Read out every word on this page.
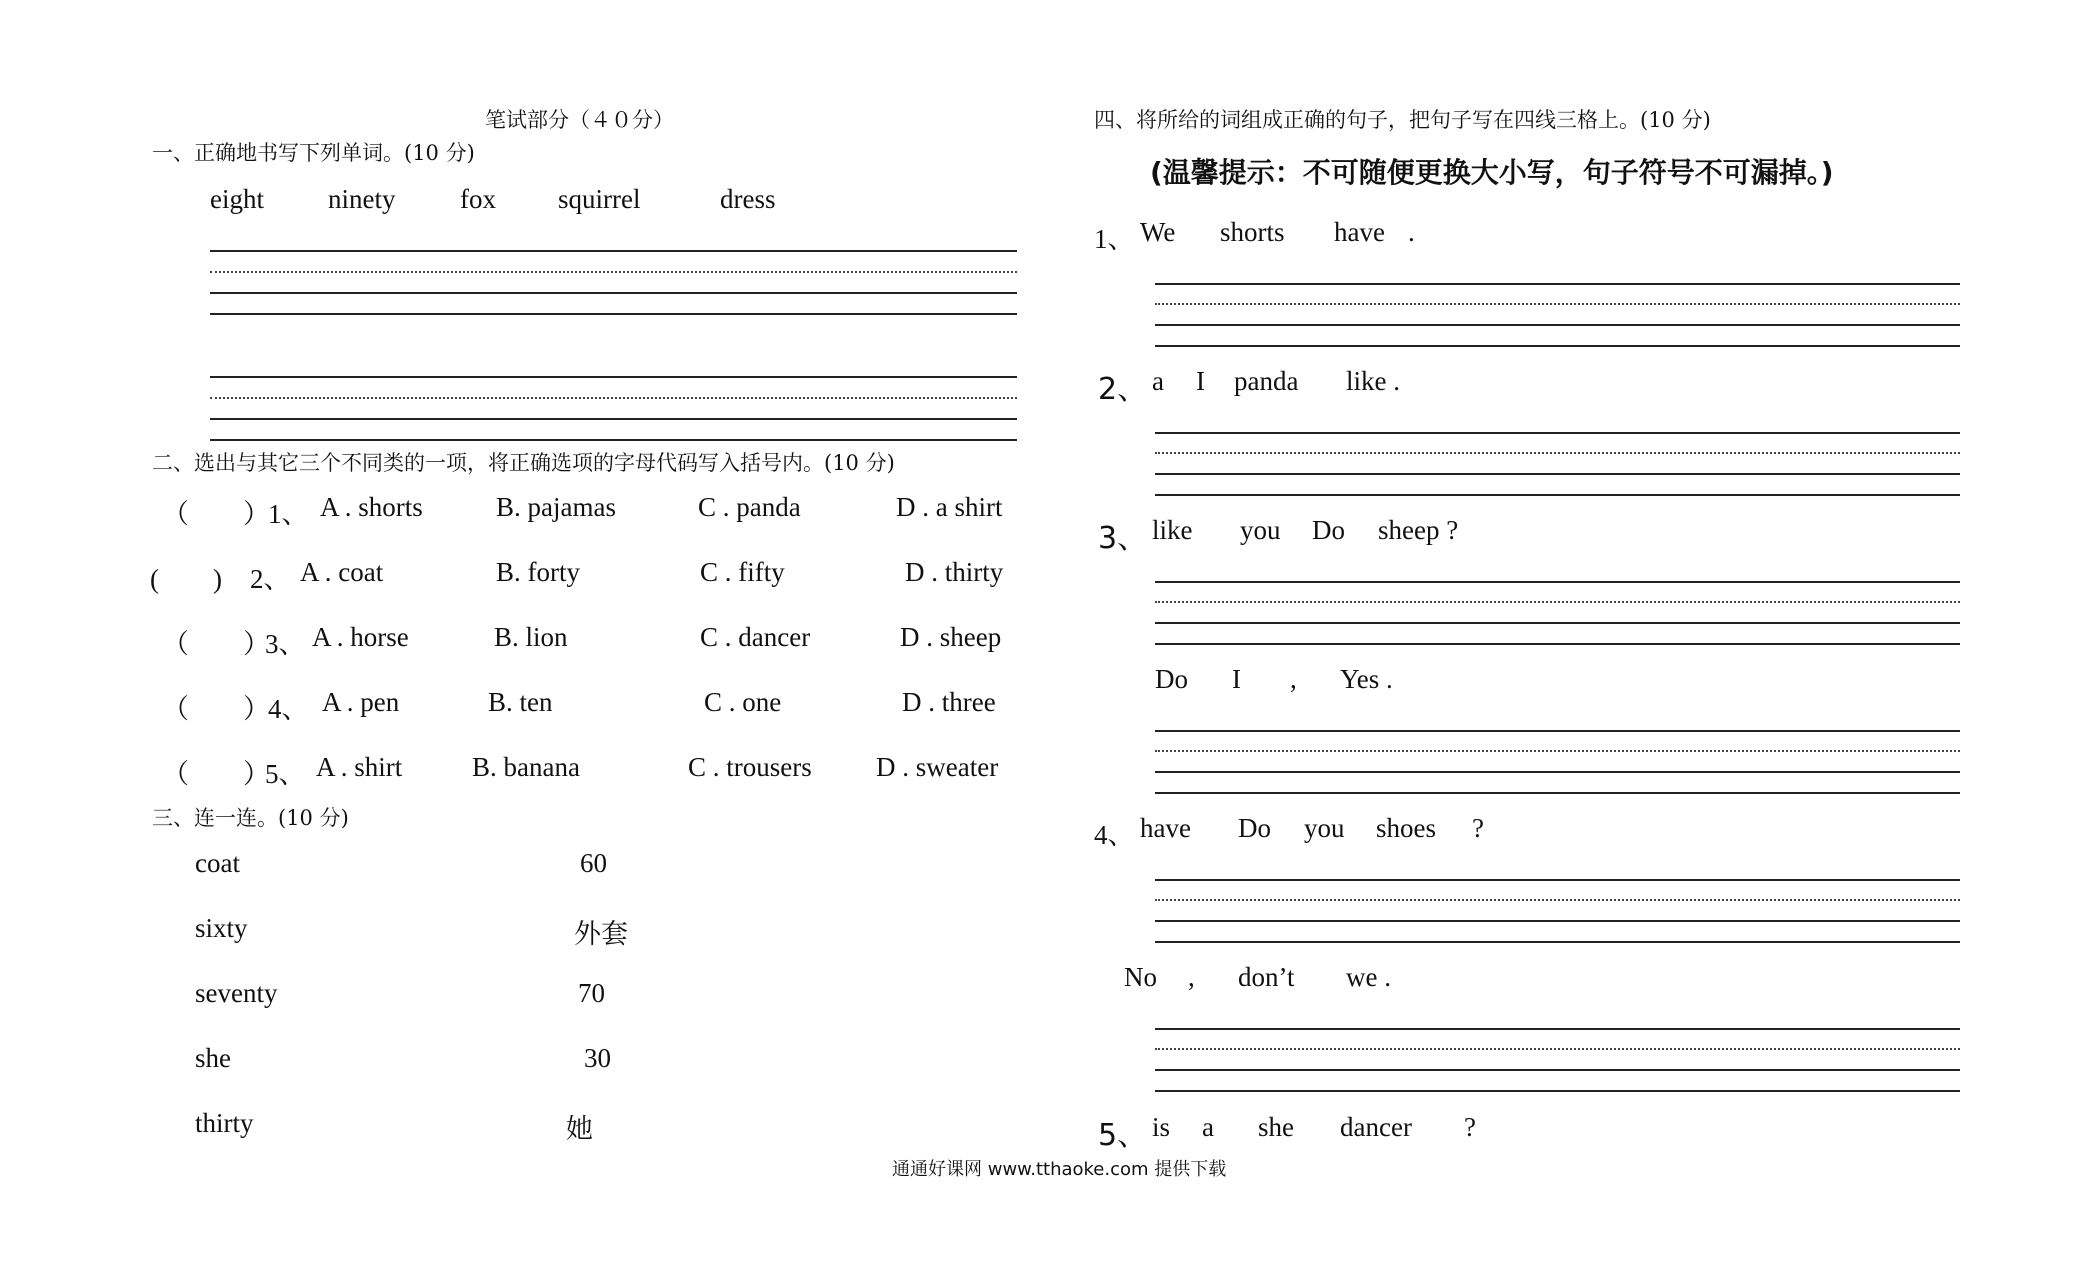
笔试部分（４０分）
一、正确地书写下列单词。(10 分)
eight ninety fox squirrel	dress
二、选出与其它三个不同类的一项，将正确选项的字母代码写入括号内。(10 分)
（　　）
1、 A . shorts	B. pajamas	C . panda	D . a shirt
(　　) 2、 A . coat	B. forty	C . fifty	D . thirty
（　　）
3、 A . horse	B. lion	C . dancer	D . sheep
（　　）
4、 A . pen	B. ten	C . one	D . three
（　　）
5、 A . shirt	B. banana	C . trousers D . sweater
三、连一连。(10 分)
coat
sixty
seventy
she
thirty
60
外套
70
30
她
四、将所给的词组成正确的句子，把句子写在四线三格上。(10 分)
(温馨提示：不可随便更换大小写，句子符号不可漏掉。)
1、 We shorts have .
2、 a I panda like .
3、 like you Do sheep ?
Do I , Yes .
4、 have Do you shoes ?
No , don’t we .
5、 is a she dancer ?
通通好课网 www.tthaoke.com 提供下载
